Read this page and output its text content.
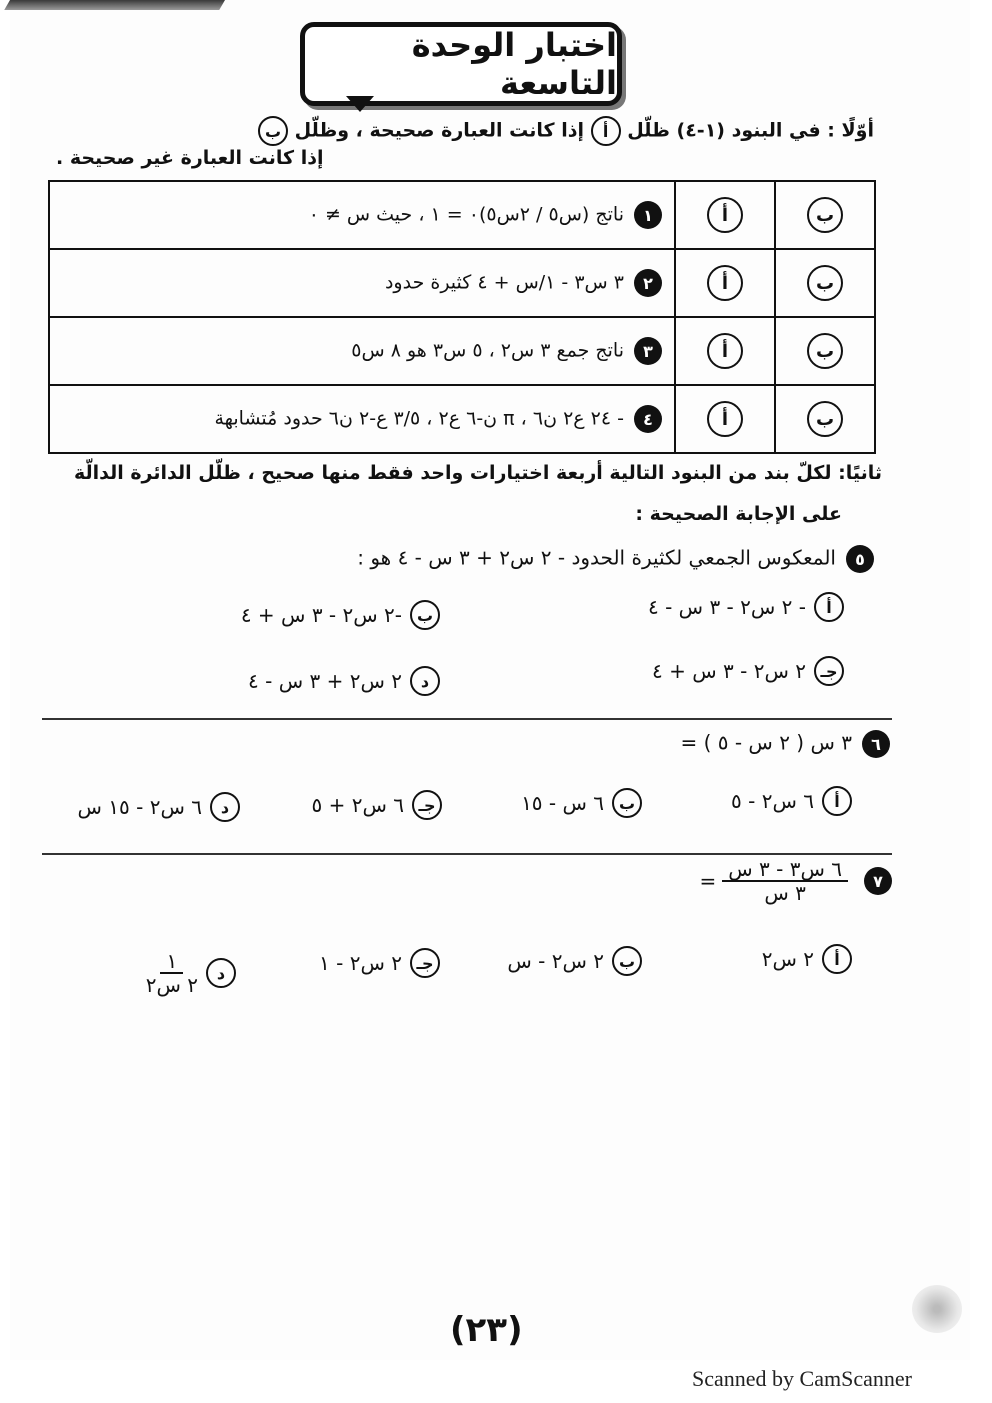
اختبار الوحدة التاسعة
أوّلًا : في البنود (١-٤) ظلّل أ إذا كانت العبارة صحيحة ، وظلّل ب
إذا كانت العبارة غير صحيحة .
١ناتج (س٥ / ٢س٥)٠ = ١ ، حيث س ≠ ٠	أ	ب
٢٣ س٣ - ١/س + ٤ كثيرة حدود	أ	ب
٣ناتج جمع ٣ س٢ ، ٥ س٣ هو ٨ س٥	أ	ب
٤- ٢٤ ع٢ ن٦ ، π ن-٦ ع٢ ، ٣/٥ ع-٢ ن٦ حدود مُتشابهة	أ	ب
ثانيًا: لكلّ بند من البنود التالية أربعة اختيارات واحد فقط منها صحيح ، ظلّل الدائرة الدالّة
على الإجابة الصحيحة :
٥المعكوس الجمعي لكثيرة الحدود - ٢ س٢ + ٣ س - ٤ هو :
أ
- ٢ س٢ - ٣ س - ٤
ب
-٢ س٢ - ٣ س + ٤
جـ
٢ س٢ - ٣ س + ٤
د
٢ س٢ + ٣ س - ٤
٦٣ س ( ٢ س - ٥ ) =
أ
٦ س٢ - ٥
ب
٦ س - ١٥
جـ
٦ س٢ + ٥
د
٦ س٢ - ١٥ س
٧
$\frac{\text{٦ س٣ - ٣ س}}{\text{٣ س}}$
=
أ
٢ س٢
ب
٢ س٢ - س
جـ
٢ س٢ - ١
د
$\frac{١}{\text{٢ س٢}}$
(٢٣)
Scanned by CamScanner
